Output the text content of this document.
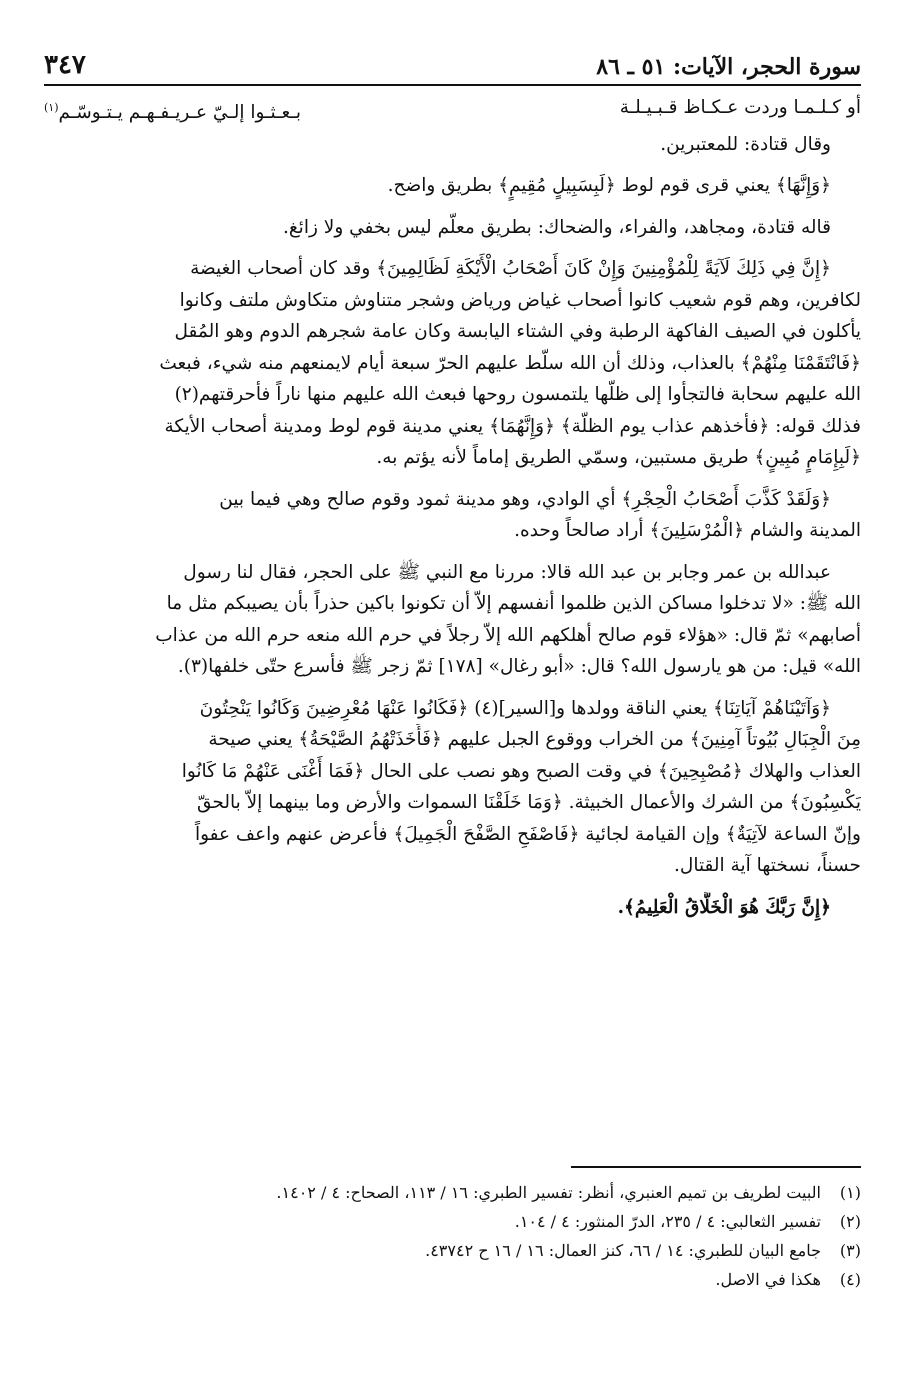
سورة الحجر، الآيات: ٥١ ـ ٨٦
٣٤٧
أو كـلـمـا وردت عـكـاظ قـبـيـلـة
بـعـثـوا إلـيّ عـريـفـهـم يـتـوسّـم$^{(١)}$
وقال قتادة: للمعتبرين.
﴿وَإِنَّهَا﴾ يعني قرى قوم لوط ﴿لَبِسَبِيلٍ مُقِيمٍ﴾ بطريق واضح.
قاله قتادة، ومجاهد، والفراء، والضحاك: بطريق معلّم ليس بخفي ولا زائغ.
﴿إِنَّ فِي ذَلِكَ لَآيَةً لِلْمُؤْمِنِينَ وَإِنْ كَانَ أَصْحَابُ الْأَيْكَةِ لَظَالِمِينَ﴾ وقد كان أصحاب الغيضة
لكافرين، وهم قوم شعيب كانوا أصحاب غياض ورياض وشجر متناوش متكاوش ملتف وكانوا
يأكلون في الصيف الفاكهة الرطبة وفي الشتاء اليابسة وكان عامة شجرهم الدوم وهو المُقل
﴿فَانْتَقَمْنَا مِنْهُمْ﴾ بالعذاب، وذلك أن الله سلّط عليهم الحرّ سبعة أيام لايمنعهم منه شيء، فبعث
الله عليهم سحابة فالتجأوا إلى ظلّها يلتمسون روحها فبعث الله عليهم منها ناراً فأحرقتهم(٢)
فذلك قوله: ﴿فأخذهم عذاب يوم الظلّة﴾ ﴿وَإِنَّهُمَا﴾ يعني مدينة قوم لوط ومدينة أصحاب الأيكة
﴿لَبِإِمَامٍ مُبِينٍ﴾ طريق مستبين، وسمّي الطريق إماماً لأنه يؤتم به.
﴿وَلَقَدْ كَذَّبَ أَصْحَابُ الْحِجْرِ﴾ أي الوادي، وهو مدينة ثمود وقوم صالح وهي فيما بين
المدينة والشام ﴿الْمُرْسَلِينَ﴾ أراد صالحاً وحده.
عبدالله بن عمر وجابر بن عبد الله قالا: مررنا مع النبي ﷺ على الحجر، فقال لنا رسول
الله ﷺ: «لا تدخلوا مساكن الذين ظلموا أنفسهم إلاّ أن تكونوا باكين حذراً بأن يصيبكم مثل ما
أصابهم» ثمّ قال: «هؤلاء قوم صالح أهلكهم الله إلاّ رجلاً في حرم الله منعه حرم الله من عذاب
الله» قيل: من هو يارسول الله؟ قال: «أبو رغال» [١٧٨] ثمّ زجر ﷺ فأسرع حتّى خلفها(٣).
﴿وَآتَيْنَاهُمْ آيَاتِنَا﴾ يعني الناقة وولدها و[السير](٤) ﴿فَكَانُوا عَنْهَا مُعْرِضِينَ وَكَانُوا يَنْحِتُونَ
مِنَ الْجِبَالِ بُيُوتاً آمِنِينَ﴾ من الخراب ووقوع الجبل عليهم ﴿فَأَخَذَتْهُمُ الصَّيْحَةُ﴾ يعني صيحة
العذاب والهلاك ﴿مُصْبِحِينَ﴾ في وقت الصبح وهو نصب على الحال ﴿فَمَا أَغْنَى عَنْهُمْ مَا كَانُوا
يَكْسِبُونَ﴾ من الشرك والأعمال الخبيثة. ﴿وَمَا خَلَقْنَا السموات والأرض وما بينهما إلاّ بالحقّ
وإنّ الساعة لآتِيَةٌ﴾ وإن القيامة لجائية ﴿فَاصْفَحِ الصَّفْحَ الْجَمِيلَ﴾ فأعرض عنهم واعف عفواً
حسناً، نسختها آية القتال.
﴿إِنَّ رَبَّكَ هُوَ الْخَلَّاقُ الْعَلِيمُ﴾.
(١)
البيت لطريف بن تميم العنبري، أنظر: تفسير الطبري: ١٦ / ١١٣، الصحاح: ٤ / ١٤٠٢.
(٢)
تفسير الثعالبي: ٤ / ٢٣٥، الدرّ المنثور: ٤ / ١٠٤.
(٣)
جامع البيان للطبري: ١٤ / ٦٦، كنز العمال: ١٦ / ١٦ ح ٤٣٧٤٢.
(٤)
هكذا في الاصل.
